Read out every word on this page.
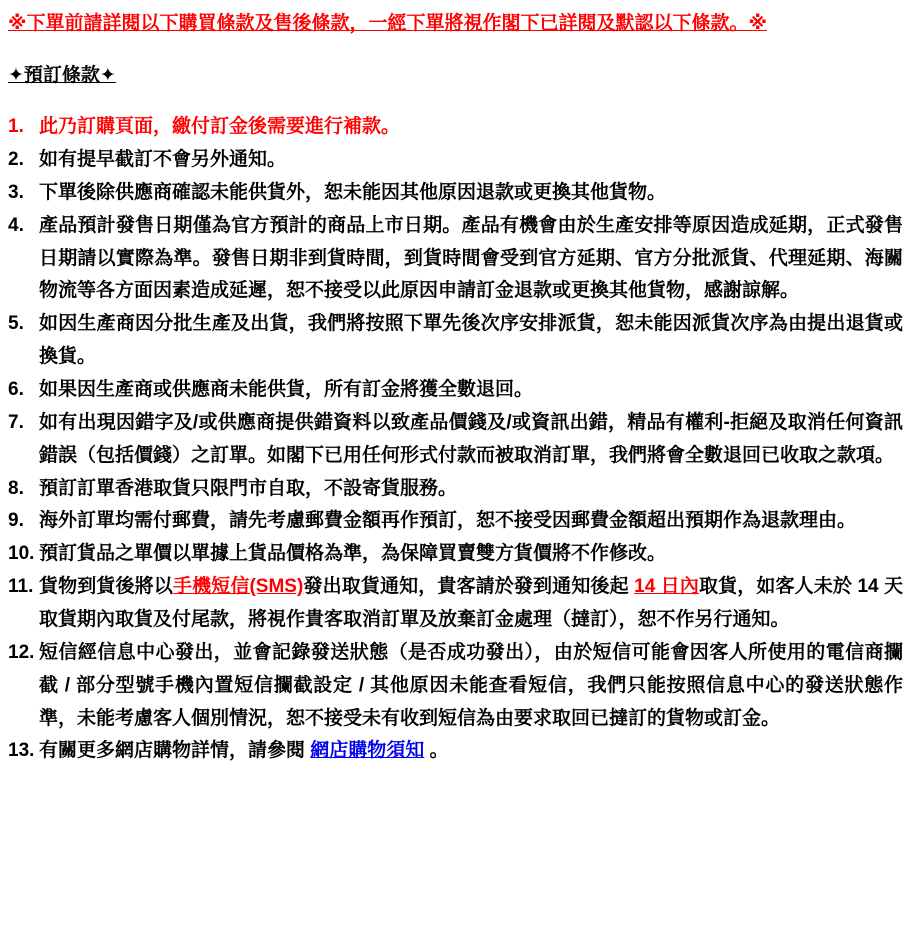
※下單前請詳閱以下購買條款及售後條款，一經下單將視作閣下已詳閱及默認以下條款。※
✦預訂條款✦
1. 此乃訂購頁面，繳付訂金後需要進行補款。
2. 如有提早截訂不會另外通知。
3. 下單後除供應商確認未能供貨外，恕未能因其他原因退款或更換其他貨物。
4. 產品預計發售日期僅為官方預計的商品上市日期。產品有機會由於生產安排等原因造成延期，正式發售日期請以實際為準。發售日期非到貨時間，到貨時間會受到官方延期、官方分批派貨、代理延期、海關物流等各方面因素造成延遲，恕不接受以此原因申請訂金退款或更換其他貨物，感謝諒解。
5. 如因生產商因分批生產及出貨，我們將按照下單先後次序安排派貨，恕未能因派貨次序為由提出退貨或換貨。
6. 如果因生產商或供應商未能供貨，所有訂金將獲全數退回。
7. 如有出現因錯字及/或供應商提供錯資料以致產品價錢及/或資訊出錯，精品有權利-拒絕及取消任何資訊錯誤（包括價錢）之訂單。如閣下已用任何形式付款而被取消訂單，我們將會全數退回已收取之款項。
8. 預訂訂單香港取貨只限門市自取，不設寄貨服務。
9. 海外訂單均需付郵費，請先考慮郵費金額再作預訂，恕不接受因郵費金額超出預期作為退款理由。
10. 預訂貨品之單價以單據上貨品價格為準，為保障買賣雙方貨價將不作修改。
11. 貨物到貨後將以手機短信(SMS)發出取貨通知，貴客請於發到通知後起 14 日內取貨，如客人未於 14 天取貨期內取貨及付尾款，將視作貴客取消訂單及放棄訂金處理（撻訂），恕不作另行通知。
12. 短信經信息中心發出，並會記錄發送狀態（是否成功發出），由於短信可能會因客人所使用的電信商攔截 / 部分型號手機內置短信攔截設定 / 其他原因未能查看短信，我們只能按照信息中心的發送狀態作準，未能考慮客人個別情況，恕不接受未有收到短信為由要求取回已撻訂的貨物或訂金。
13. 有關更多網店購物詳情，請參閱 網店購物須知 。
